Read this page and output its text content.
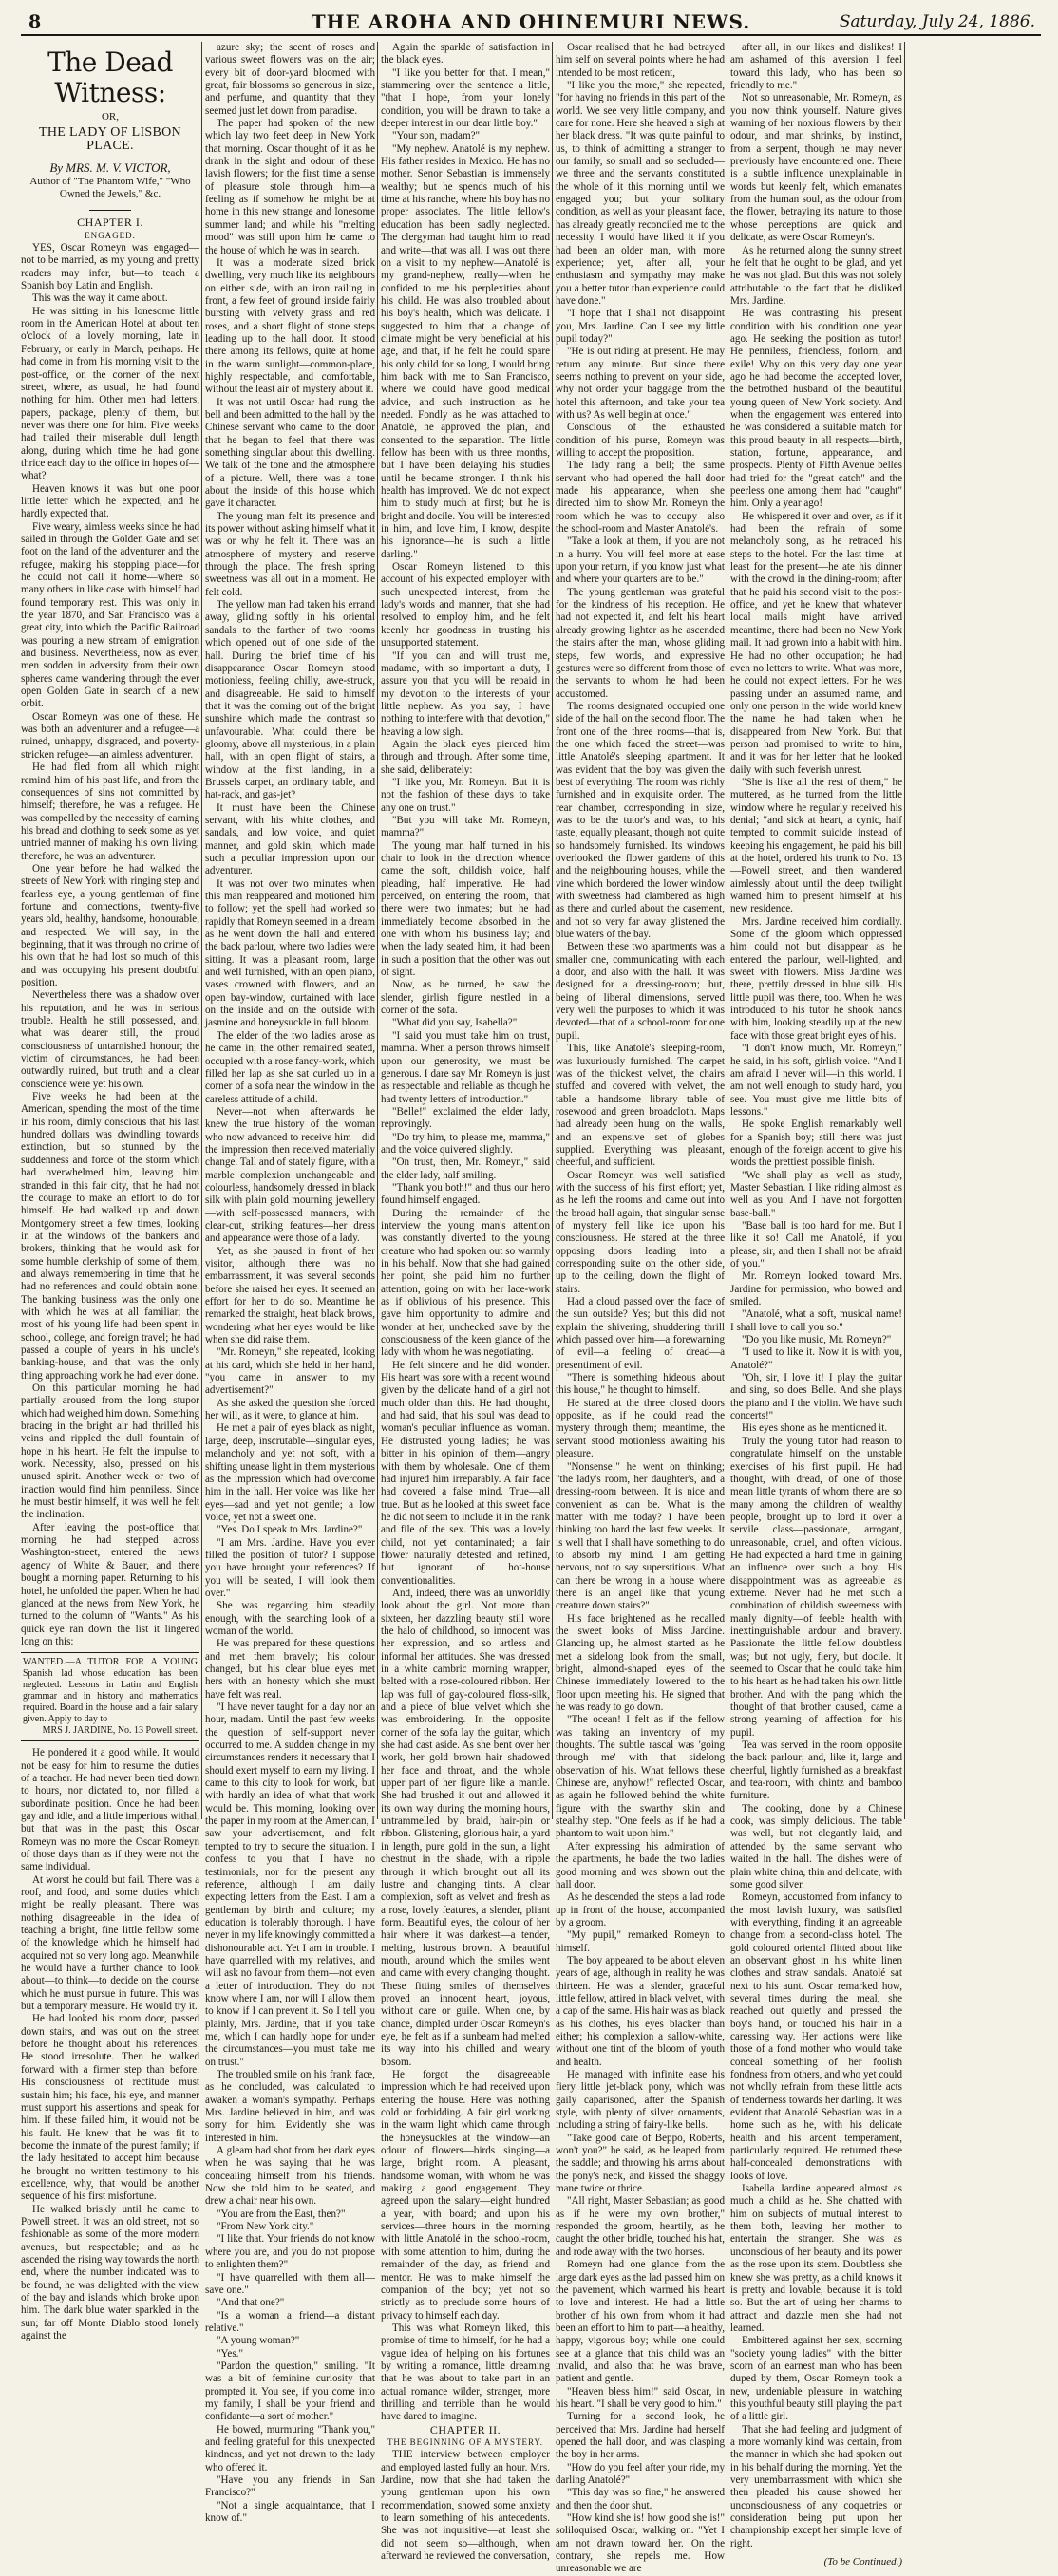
8	THE AROHA AND OHINEMURI NEWS.	Saturday, July 24, 1886.
The Dead Witness:

OR,

THE LADY OF LISBON PLACE.

By MRS. M. V. VICTOR,

Author of "The Phantom Wife," "Who Owned the Jewels," &c.

CHAPTER I.

ENGAGED.

YES, Oscar Romeyn was engaged—not to be married, as my young and pretty readers may infer, but—to teach a Spanish boy Latin and English.

This was the way it came about.

He was sitting in his lonesome little room in the American Hotel at about ten o'clock of a lovely morning, late in February, or early in March, perhaps. He had come in from his morning visit to the post-office, on the corner of the next street, where, as usual, he had found nothing for him. Other men had letters, papers, package, plenty of them, but never was there one for him. Five weeks had trailed their miserable dull length along, during which time he had gone thrice each day to the office in hopes of—what?

Heaven knows it was but one poor little letter which he expected, and he hardly expected that.

Five weary, aimless weeks since he had sailed in through the Golden Gate and set foot on the land of the adventurer and the refugee, making his stopping place—for he could not call it home—where so many others in like case with himself had found temporary rest. This was only in the year 1870, and San Francisco was a great city, into which the Pacific Railroad was pouring a new stream of emigration and business. Nevertheless, now as ever, men sodden in adversity from their own spheres came wandering through the ever open Golden Gate in search of a new orbit.

Oscar Romeyn was one of these. He was both an adventurer and a refugee—a ruined, unhappy, disgraced, and poverty-stricken refugee—an aimless adventurer.

He had fled from all which might remind him of his past life, and from the consequences of sins not committed by himself; therefore, he was a refugee. He was compelled by the necessity of earning his bread and clothing to seek some as yet untried manner of making his own living; therefore, he was an adventurer.

One year before he had walked the streets of New York with ringing step and fearless eye, a young gentleman of fine fortune and connections, twenty-five years old, healthy, handsome, honourable, and respected. We will say, in the beginning, that it was through no crime of his own that he had lost so much of this and was occupying his present doubtful position.

Nevertheless there was a shadow over his reputation, and he was in serious trouble. Health he still possessed, and, what was dearer still, the proud consciousness of untarnished honour; the victim of circumstances, he had been outwardly ruined, but truth and a clear conscience were yet his own.

Five weeks he had been at the American, spending the most of the time in his room, dimly conscious that his last hundred dollars was dwindling towards extinction, but so stunned by the suddenness and force of the storm which had overwhelmed him, leaving him stranded in this fair city, that he had not the courage to make an effort to do for himself. He had walked up and down Montgomery street a few times, looking in at the windows of the bankers and brokers, thinking that he would ask for some humble clerkship of some of them, and always remembering in time that he had no references and could obtain none. The banking business was the only one with which he was at all familiar; the most of his young life had been spent in school, college, and foreign travel; he had passed a couple of years in his uncle's banking-house, and that was the only thing approaching work he had ever done.

On this particular morning he had partially aroused from the long stupor which had weighed him down. Something bracing in the bright air had thrilled his veins and rippled the dull fountain of hope in his heart. He felt the impulse to work. Necessity, also, pressed on his unused spirit. Another week or two of inaction would find him penniless. Since he must bestir himself, it was well he felt the inclination.

After leaving the post-office that morning he had stepped across Washington-street, entered the news agency of White & Bauer, and there bought a morning paper. Returning to his hotel, he unfolded the paper. When he had glanced at the news from New York, he turned to the column of "Wants." As his quick eye ran down the list it lingered long on this:

WANTED.—A TUTOR FOR A YOUNG Spanish lad whose education has been neglected. Lessons in Latin and English grammar and in history and mathematics required. Board in the house and a fair salary given. Apply to day to

MRS J. JARDINE, No. 13 Powell street.

He pondered it a good while. It would not be easy for him to resume the duties of a teacher. He had never been tied down to hours, nor dictated to, nor filled a subordinate position. Once he had been gay and idle, and a little imperious withal, but that was in the past; this Oscar Romeyn was no more the Oscar Romeyn of those days than as if they were not the same individual.

At worst he could but fail. There was a roof, and food, and some duties which might be really pleasant. There was nothing disagreeable in the idea of teaching a bright, fine little fellow some of the knowledge which he himself had acquired not so very long ago. Meanwhile he would have a further chance to look about—to think—to decide on the course which he must pursue in future. This was but a temporary measure. He would try it.

He had looked his room door, passed down stairs, and was out on the street before he thought about his references. He stood irresolute. Then he walked forward with a firmer step than before. His consciousness of rectitude must sustain him; his face, his eye, and manner must support his assertions and speak for him. If these failed him, it would not be his fault. He knew that he was fit to become the inmate of the purest family; if the lady hesitated to accept him because he brought no written testimony to his excellence, why, that would be another sequence of his first misfortune.

He walked briskly until he came to Powell street. It was an old street, not so fashionable as some of the more modern avenues, but respectable; and as he ascended the rising way towards the north end, where the number indicated was to be found, he was delighted with the view of the bay and islands which broke upon him. The dark blue water sparkled in the sun; far off Monte Diablo stood lonely against the

azure sky; the scent of roses and various sweet flowers was on the air; every bit of door-yard bloomed with great, fair blossoms so generous in size, and perfume, and quantity that they seemed just let down from paradise.

The paper had spoken of the new which lay two feet deep in New York that morning. Oscar thought of it as he drank in the sight and odour of these lavish flowers; for the first time a sense of pleasure stole through him—a feeling as if somehow he might be at home in this new strange and lonesome summer land; and while his "melting mood" was still upon him he came to the house of which he was in search.

It was a moderate sized brick dwelling, very much like its neighbours on either side, with an iron railing in front, a few feet of ground inside fairly bursting with velvety grass and red roses, and a short flight of stone steps leading up to the hall door. It stood there among its fellows, quite at home in the warm sunlight—common-place, highly respectable, and comfortable, without the least air of mystery about it.

It was not until Oscar had rung the bell and been admitted to the hall by the Chinese servant who came to the door that he began to feel that there was something singular about this dwelling. We talk of the tone and the atmosphere of a picture. Well, there was a tone about the inside of this house which gave it character.

The young man felt its presence and its power without asking himself what it was or why he felt it. There was an atmosphere of mystery and reserve through the place. The fresh spring sweetness was all out in a moment. He felt cold.

The yellow man had taken his errand away, gliding softly in his oriental sandals to the farther of two rooms which opened out of one side of the hall. During the brief time of his disappearance Oscar Romeyn stood motionless, feeling chilly, awe-struck, and disagreeable. He said to himself that it was the coming out of the bright sunshine which made the contrast so unfavourable. What could there be gloomy, above all mysterious, in a plain hall, with an open flight of stairs, a window at the first landing, in a Brussels carpet, an ordinary table, and hat-rack, and gas-jet?

It must have been the Chinese servant, with his white clothes, and sandals, and low voice, and quiet manner, and gold skin, which made such a peculiar impression upon our adventurer.

It was not over two minutes when this man reappeared and motioned him to follow; yet the spell had worked so rapidly that Romeyn seemed in a dream as he went down the hall and entered the back parlour, where two ladies were sitting. It was a pleasant room, large and well furnished, with an open piano, vases crowned with flowers, and an open bay-window, curtained with lace on the inside and on the outside with jasmine and honeysuckle in full bloom.

The elder of the two ladies arose as he came in; the other remained seated, occupied with a rose fancy-work, which filled her lap as she sat curled up in a corner of a sofa near the window in the careless attitude of a child.

Never—not when afterwards he knew the true history of the woman who now advanced to receive him—did the impression then received materially change. Tall and of stately figure, with a marble complexion unchangeable and colourless, handsomely dressed in black silk with plain gold mourning jewellery—with self-possessed manners, with clear-cut, striking features—her dress and appearance were those of a lady.

Yet, as she paused in front of her visitor, although there was no embarrassment, it was several seconds before she raised her eyes. It seemed an effort for her to do so. Meantime he remarked the straight, heat black brows, wondering what her eyes would be like when she did raise them.

"Mr. Romeyn," she repeated, looking at his card, which she held in her hand, "you came in answer to my advertisement?"

As she asked the question she forced her will, as it were, to glance at him.

He met a pair of eyes black as night, large, deep, inscrutable—singular eyes, melancholy and yet not soft, with a shifting unease light in them mysterious as the impression which had overcome him in the hall. Her voice was like her eyes—sad and yet not gentle; a low voice, yet not a sweet one.

"Yes. Do I speak to Mrs. Jardine?"

"I am Mrs. Jardine. Have you ever filled the position of tutor? I suppose you have brought your references? If you will be seated, I will look them over."

She was regarding him steadily enough, with the searching look of a woman of the world.

He was prepared for these questions and met them bravely; his colour changed, but his clear blue eyes met hers with an honesty which she must have felt was real.

"I have never taught for a day nor an hour, madam. Until the past few weeks the question of self-support never occurred to me. A sudden change in my circumstances renders it necessary that I should exert myself to earn my living. I came to this city to look for work, but with hardly an idea of what that work would be. This morning, looking over the paper in my room at the American, I saw your advertisement, and felt tempted to try to secure the situation. I confess to you that I have no testimonials, nor for the present any reference, although I am daily expecting letters from the East. I am a gentleman by birth and culture; my education is tolerably thorough. I have never in my life knowingly committed a dishonourable act. Yet I am in trouble. I have quarrelled with my relatives, and will ask no favour from them—not even a letter of introduction. They do not know where I am, nor will I allow them to know if I can prevent it. So I tell you plainly, Mrs. Jardine, that if you take me, which I can hardly hope for under the circumstances—you must take me on trust."

The troubled smile on his frank face, as he concluded, was calculated to awaken a woman's sympathy. Perhaps Mrs. Jardine believed in him, and was sorry for him. Evidently she was interested in him.

A gleam had shot from her dark eyes when he was saying that he was concealing himself from his friends. Now she told him to be seated, and drew a chair near his own.

"You are from the East, then?"

"From New York city."

"I like that. Your friends do not know where you are, and you do not propose to enlighten them?"

"I have quarrelled with them all—save one."

"And that one?"

"Is a woman a friend—a distant relative."

"A young woman?"

"Yes."

"Pardon the question," smiling. "It was a bit of feminine curiosity that prompted it. You see, if you come into my family, I shall be your friend and confidante—a sort of mother."

He bowed, murmuring "Thank you," and feeling grateful for this unexpected kindness, and yet not drawn to the lady who offered it.

"Have you any friends in San Francisco?"

"Not a single acquaintance, that I know of."

Again the sparkle of satisfaction in the black eyes.

"I like you better for that. I mean," stammering over the sentence a little, "that I hope, from your lonely condition, you will be drawn to take a deeper interest in our dear little boy."

"Your son, madam?"

"My nephew. Anatolé is my nephew. His father resides in Mexico. He has no mother. Senor Sebastian is immensely wealthy; but he spends much of his time at his ranche, where his boy has no proper associates. The little fellow's education has been sadly neglected. The clergyman had taught him to read and write—that was all. I was out there on a visit to my nephew—Anatolé is my grand-nephew, really—when he confided to me his perplexities about his child. He was also troubled about his boy's health, which was delicate. I suggested to him that a change of climate might be very beneficial at his age, and that, if he felt he could spare his only child for so long, I would bring him back with me to San Francisco, where we could have good medical advice, and such instruction as he needed. Fondly as he was attached to Anatolé, he approved the plan, and consented to the separation. The little fellow has been with us three months, but I have been delaying his studies until he became stronger. I think his health has improved. We do not expect him to study much at first; but he is bright and docile. You will be interested in him, and love him, I know, despite his ignorance—he is such a little darling."

Oscar Romeyn listened to this account of his expected employer with such unexpected interest, from the lady's words and manner, that she had resolved to employ him, and he felt keenly her goodness in trusting his unsupported statement.

"If you can and will trust me, madame, with so important a duty, I assure you that you will be repaid in my devotion to the interests of your little nephew. As you say, I have nothing to interfere with that devotion," heaving a low sigh.

Again the black eyes pierced him through and through. After some time, she said, deliberately:

"I like you, Mr. Romeyn. But it is not the fashion of these days to take any one on trust."

"But you will take Mr. Romeyn, mamma?"

The young man half turned in his chair to look in the direction whence came the soft, childish voice, half pleading, half imperative. He had perceived, on entering the room, that there were two inmates; but he had immediately become absorbed in the one with whom his business lay; and when the lady seated him, it had been in such a position that the other was out of sight.

Now, as he turned, he saw the slender, girlish figure nestled in a corner of the sofa.

"What did you say, Isabella?"

"I said you must take him on trust, mamma. When a person throws himself upon our generosity, we must be generous. I dare say Mr. Romeyn is just as respectable and reliable as though he had twenty letters of introduction."

"Belle!" exclaimed the elder lady, reprovingly.

"Do try him, to please me, mamma," and the voice quivered slightly.

"On trust, then, Mr. Romeyn," said the elder lady, half smiling.

"Thank you both!" and thus our hero found himself engaged.

During the remainder of the interview the young man's attention was constantly diverted to the young creature who had spoken out so warmly in his behalf. Now that she had gained her point, she paid him no further attention, going on with her lace-work as if oblivious of his presence. This gave him opportunity to admire and wonder at her, unchecked save by the consciousness of the keen glance of the lady with whom he was negotiating.

He felt sincere and he did wonder. His heart was sore with a recent wound given by the delicate hand of a girl not much older than this. He had thought, and had said, that his soul was dead to woman's peculiar influence as woman. He distrusted young ladies; he was bitter in his opinion of them—angry with them by wholesale. One of them had injured him irreparably. A fair face had covered a false mind. True—all true. But as he looked at this sweet face he did not seem to include it in the rank and file of the sex. This was a lovely child, not yet contaminated; a fair flower naturally detested and refined, but ignorant of hot-house conventionalities.

And, indeed, there was an unworldly look about the girl. Not more than sixteen, her dazzling beauty still wore the halo of childhood, so innocent was her expression, and so artless and informal her attitudes. She was dressed in a white cambric morning wrapper, belted with a rose-coloured ribbon. Her lap was full of gay-coloured floss-silk, and a piece of blue velvet which she was embroidering. In the opposite corner of the sofa lay the guitar, which she had cast aside. As she bent over her work, her gold brown hair shadowed her face and throat, and the whole upper part of her figure like a mantle. She had brushed it out and allowed it its own way during the morning hours, untrammelled by braid, hair-pin or ribbon. Glistening, glorious hair, a yard in length, pure gold in the sun, a light chestnut in the shade, with a ripple through it which brought out all its lustre and changing tints. A clear complexion, soft as velvet and fresh as a rose, lovely features, a slender, pliant form. Beautiful eyes, the colour of her hair where it was darkest—a tender, melting, lustrous brown. A beautiful mouth, around which the smiles went and came with every changing thought. These fitting smiles of themselves proved an innocent heart, joyous, without care or guile. When one, by chance, dimpled under Oscar Romeyn's eye, he felt as if a sunbeam had melted its way into his chilled and weary bosom.

He forgot the disagreeable impression which he had received upon entering the house. Here was nothing cold or forbidding. A fair girl working in the warm light which came through the honeysuckles at the window—an odour of flowers—birds singing—a large, bright room. A pleasant, handsome woman, with whom he was making a good engagement. They agreed upon the salary—eight hundred a year, with board; and upon his services—three hours in the morning with little Anatolé in the school-room, with some attention to him, during the remainder of the day, as friend and mentor. He was to make himself the companion of the boy; yet not so strictly as to preclude some hours of privacy to himself each day.

This was what Romeyn liked, this promise of time to himself, for he had a vague idea of helping on his fortunes by writing a romance, little dreaming that he was about to take part in an actual romance wilder, stranger, more thrilling and terrible than he would have dared to imagine.

CHAPTER II.

THE BEGINNING OF A MYSTERY.

THE interview between employer and employed lasted fully an hour. Mrs. Jardine, now that she had taken the young gentleman upon his own recommendation, showed some anxiety to learn something of his antecedents. She was not inquisitive—at least she did not seem so—although, when afterward he reviewed the conversation,

Oscar realised that he had betrayed him self on several points where he had intended to be most reticent,

"I like you the more," she repeated, "for having no friends in this part of the world. We see very little company, and care for none. Here she heaved a sigh at her black dress. "It was quite painful to us, to think of admitting a stranger to our family, so small and so secluded—we three and the servants constituted the whole of it this morning until we engaged you; but your solitary condition, as well as your pleasant face, has already greatly reconciled me to the necessity. I would have liked it if you had been an older man, with more experience; yet, after all, your enthusiasm and sympathy may make you a better tutor than experience could have done."

"I hope that I shall not disappoint you, Mrs. Jardine. Can I see my little pupil today?"

"He is out riding at present. He may return any minute. But since there seems nothing to prevent on your side, why not order your baggage from the hotel this afternoon, and take your tea with us? As well begin at once."

Conscious of the exhausted condition of his purse, Romeyn was willing to accept the proposition.

The lady rang a bell; the same servant who had opened the hall door made his appearance, when she directed him to show Mr. Romeyn the room which he was to occupy—also the school-room and Master Anatolé's.

"Take a look at them, if you are not in a hurry. You will feel more at ease upon your return, if you know just what and where your quarters are to be."

The young gentleman was grateful for the kindness of his reception. He had not expected it, and felt his heart already growing lighter as he ascended the stairs after the man, whose gliding steps, few words, and expressive gestures were so different from those of the servants to whom he had been accustomed.

The rooms designated occupied one side of the hall on the second floor. The front one of the three rooms—that is, the one which faced the street—was little Anatolé's sleeping apartment. It was evident that the boy was given the best of everything. The room was richly furnished and in exquisite order. The rear chamber, corresponding in size, was to be the tutor's and was, to his taste, equally pleasant, though not quite so handsomely furnished. Its windows overlooked the flower gardens of this and the neighbouring houses, while the vine which bordered the lower window with sweetness had clambered as high as there and curled about the casement, and not so very far away glistened the blue waters of the bay.

Between these two apartments was a smaller one, communicating with each a door, and also with the hall. It was designed for a dressing-room; but, being of liberal dimensions, served very well the purposes to which it was devoted—that of a school-room for one pupil.

This, like Anatolé's sleeping-room, was luxuriously furnished. The carpet was of the thickest velvet, the chairs stuffed and covered with velvet, the table a handsome library table of rosewood and green broadcloth. Maps had already been hung on the walls, and an expensive set of globes supplied. Everything was pleasant, cheerful, and sufficient.

Oscar Romeyn was well satisfied with the success of his first effort; yet, as he left the rooms and came out into the broad hall again, that singular sense of mystery fell like ice upon his consciousness. He stared at the three opposing doors leading into a corresponding suite on the other side, up to the ceiling, down the flight of stairs.

Had a cloud passed over the face of the sun outside? Yes; but this did not explain the shivering, shuddering thrill which passed over him—a forewarning of evil—a feeling of dread—a presentiment of evil.

"There is something hideous about this house," he thought to himself.

He stared at the three closed doors opposite, as if he could read the mystery through them; meantime, the servant stood motionless awaiting his pleasure.

"Nonsense!" he went on thinking; "the lady's room, her daughter's, and a dressing-room between. It is nice and convenient as can be. What is the matter with me today? I have been thinking too hard the last few weeks. It is well that I shall have something to do to absorb my mind. I am getting nervous, not to say superstitious. What can there be wrong in a house where there is an angel like that young creature down stairs?"

His face brightened as he recalled the sweet looks of Miss Jardine. Glancing up, he almost started as he met a sidelong look from the small, bright, almond-shaped eyes of the Chinese immediately lowered to the floor upon meeting his. He signed that he was ready to go down.

"The ocean! I felt as if the fellow was taking an inventory of my thoughts. The subtle rascal was 'going through me' with that sidelong observation of his. What fellows these Chinese are, anyhow!" reflected Oscar, as again he followed behind the white figure with the swarthy skin and stealthy step. "One feels as if he had a phantom to wait upon him."

After expressing his admiration of the apartments, he bade the two ladies good morning and was shown out the hall door.

As he descended the steps a lad rode up in front of the house, accompanied by a groom.

"My pupil," remarked Romeyn to himself.

The boy appeared to be about eleven years of age, although in reality he was thirteen. He was a slender, graceful little fellow, attired in black velvet, with a cap of the same. His hair was as black as his clothes, his eyes blacker than either; his complexion a sallow-white, without one tint of the bloom of youth and health.

He managed with infinite ease his fiery little jet-black pony, which was gaily caparisoned, after the Spanish style, with plenty of silver ornaments, including a string of fairy-like bells.

"Take good care of Beppo, Roberts, won't you?" he said, as he leaped from the saddle; and throwing his arms about the pony's neck, and kissed the shaggy mane twice or thrice.

"All right, Master Sebastian; as good as if he were my own brother," responded the groom, heartily, as he caught the other bridle, touched his hat, and rode away with the two horses.

Romeyn had one glance from the large dark eyes as the lad passed him on the pavement, which warmed his heart to love and interest. He had a little brother of his own from whom it had been an effort to him to part—a healthy, happy, vigorous boy; while one could see at a glance that this child was an invalid, and also that he was brave, patient and gentle.

"Heaven bless him!" said Oscar, in his heart. "I shall be very good to him."

Turning for a second look, he perceived that Mrs. Jardine had herself opened the hall door, and was clasping the boy in her arms.

"How do you feel after your ride, my darling Anatolé?"

"This day was so fine," he answered and then the door shut.

"How kind she is! how good she is!" soliloquised Oscar, walking on. "Yet I am not drawn toward her. On the contrary, she repels me. How unreasonable we are

after all, in our likes and dislikes! I am ashamed of this aversion I feel toward this lady, who has been so friendly to me."

Not so unreasonable, Mr. Romeyn, as you now think yourself. Nature gives warning of her noxious flowers by their odour, and man shrinks, by instinct, from a serpent, though he may never previously have encountered one. There is a subtle influence unexplainable in words but keenly felt, which emanates from the human soul, as the odour from the flower, betraying its nature to those whose perceptions are quick and delicate, as were Oscar Romeyn's.

As he returned along the sunny street he felt that he ought to be glad, and yet he was not glad. But this was not solely attributable to the fact that he disliked Mrs. Jardine.

He was contrasting his present condition with his condition one year ago. He seeking the position as tutor! He penniless, friendless, forlorn, and exile! Why on this very day one year ago he had become the accepted lover, the betrothed husband of the beautiful young queen of New York society. And when the engagement was entered into he was considered a suitable match for this proud beauty in all respects—birth, station, fortune, appearance, and prospects. Plenty of Fifth Avenue belles had tried for the "great catch" and the peerless one among them had "caught" him. Only a year ago!

He whispered it over and over, as if it had been the refrain of some melancholy song, as he retraced his steps to the hotel. For the last time—at least for the present—he ate his dinner with the crowd in the dining-room; after that he paid his second visit to the post-office, and yet he knew that whatever local mails might have arrived meantime, there had been no New York mail. It had grown into a habit with him. He had no other occupation; he had even no letters to write. What was more, he could not expect letters. For he was passing under an assumed name, and only one person in the wide world knew the name he had taken when he disappeared from New York. But that person had promised to write to him, and it was for her letter that he looked daily with such feverish unrest.

"She is like all the rest of them," he muttered, as he turned from the little window where he regularly received his denial; "and sick at heart, a cynic, half tempted to commit suicide instead of keeping his engagement, he paid his bill at the hotel, ordered his trunk to No. 13—Powell street, and then wandered aimlessly about until the deep twilight warned him to present himself at his new residence.

Mrs. Jardine received him cordially. Some of the gloom which oppressed him could not but disappear as he entered the parlour, well-lighted, and sweet with flowers. Miss Jardine was there, prettily dressed in blue silk. His little pupil was there, too. When he was introduced to his tutor he shook hands with him, looking steadily up at the new face with those great bright eyes of his.

"I don't know much, Mr. Romeyn," he said, in his soft, girlish voice. "And I am afraid I never will—in this world. I am not well enough to study hard, you see. You must give me little bits of lessons."

He spoke English remarkably well for a Spanish boy; still there was just enough of the foreign accent to give his words the prettiest possible finish.

"We shall play as well as study, Master Sebastian. I like riding almost as well as you. And I have not forgotten base-ball."

"Base ball is too hard for me. But I like it so! Call me Anatolé, if you please, sir, and then I shall not be afraid of you."

Mr. Romeyn looked toward Mrs. Jardine for permission, who bowed and smiled.

"Anatolé, what a soft, musical name! I shall love to call you so."

"Do you like music, Mr. Romeyn?"

"I used to like it. Now it is with you, Anatolé?"

"Oh, sir, I love it! I play the guitar and sing, so does Belle. And she plays the piano and I the violin. We have such concerts!"

His eyes shone as he mentioned it.

Truly the young tutor had reason to congratulate himself on the unstable exercises of his first pupil. He had thought, with dread, of one of those mean little tyrants of whom there are so many among the children of wealthy people, brought up to lord it over a servile class—passionate, arrogant, unreasonable, cruel, and often vicious. He had expected a hard time in gaining an influence over such a boy. His disappointment was as agreeable as extreme. Never had he met such a combination of childish sweetness with manly dignity—of feeble health with inextinguishable ardour and bravery. Passionate the little fellow doubtless was; but not ugly, fiery, but docile. It seemed to Oscar that he could take him to his heart as he had taken his own little brother. And with the pang which the thought of that brother caused, came a strong yearning of affection for his pupil.

Tea was served in the room opposite the back parlour; and, like it, large and cheerful, lightly furnished as a breakfast and tea-room, with chintz and bamboo furniture.

The cooking, done by a Chinese cook, was simply delicious. The table was well, but not elegantly laid, and attended by the same servant who waited in the hall. The dishes were of plain white china, thin and delicate, with some good silver.

Romeyn, accustomed from infancy to the most lavish luxury, was satisfied with everything, finding it an agreeable change from a second-class hotel. The gold coloured oriental flitted about like an observant ghost in his white linen clothes and straw sandals. Anatolé sat next to his aunt. Oscar remarked how, several times during the meal, she reached out quietly and pressed the boy's hand, or touched his hair in a caressing way. Her actions were like those of a fond mother who would take conceal something of her foolish fondness from others, and who yet could not wholly refrain from these little acts of tenderness towards her darling. It was evident that Anatolé Sebastian was in a home such as he, with his delicate health and his ardent temperament, particularly required. He returned these half-concealed demonstrations with looks of love.

Isabella Jardine appeared almost as much a child as he. She chatted with him on subjects of mutual interest to them both, leaving her mother to entertain the stranger. She was as unconscious of her beauty and its power as the rose upon its stem. Doubtless she knew she was pretty, as a child knows it is pretty and lovable, because it is told so. But the art of using her charms to attract and dazzle men she had not learned.

Embittered against her sex, scorning "society young ladies" with the bitter scorn of an earnest man who has been duped by them, Oscar Romeyn took a new, undeniable pleasure in watching this youthful beauty still playing the part of a little girl.

That she had feeling and judgment of a more womanly kind was certain, from the manner in which she had spoken out in his behalf during the morning. Yet the very unembarrassment with which she then pleaded his cause showed her unconsciousness of any coquetries or consideration being put upon her championship except her simple love of right.

(To be Continued.)
